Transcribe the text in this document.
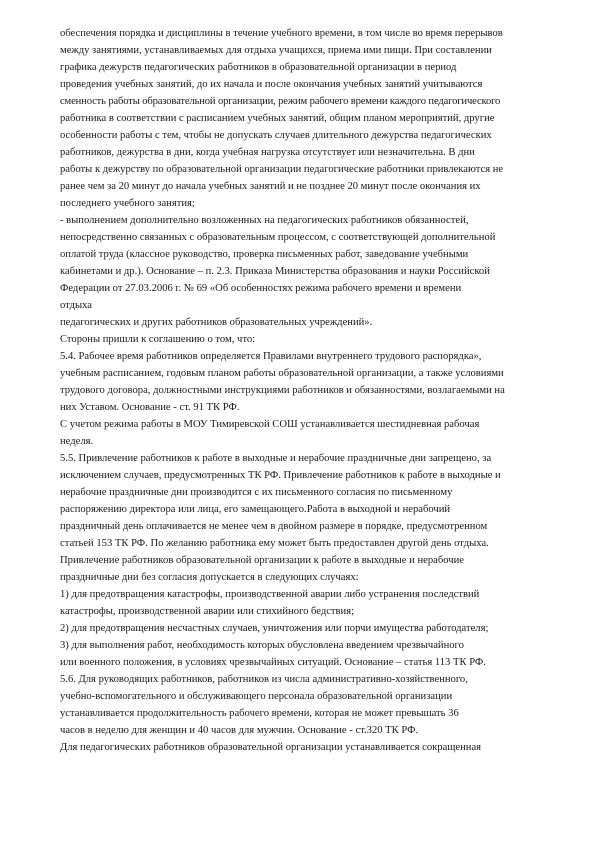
обеспечения порядка и дисциплины в течение учебного времени, в том числе во время перерывов

между занятиями, устанавливаемых для отдыха учащихся, приема ими пищи. При составлении

графика дежурств педагогических работников в образовательной организации в период

проведения учебных занятий, до их начала и после окончания учебных занятий учитываются

сменность работы образовательной организации, режим рабочего времени каждого педагогического

работника в соответствии с расписанием учебных занятий, общим планом мероприятий, другие

особенности работы с тем, чтобы не допускать случаев длительного дежурства педагогических

работников, дежурства в дни, когда учебная нагрузка отсутствует или незначительна. В дни

работы к дежурству по образовательной организации педагогические работники привлекаются не

ранее чем за 20 минут до начала учебных занятий и не позднее 20 минут после окончания их

последнего учебного занятия;

- выполнением дополнительно возложенных на педагогических работников обязанностей,

непосредственно связанных с образовательным процессом, с соответствующей дополнительной

оплатой труда (классное руководство, проверка письменных работ, заведование учебными

кабинетами и др.). Основание – п. 2.3. Приказа Министерства образования и науки Российской

Федерации от 27.03.2006 г. № 69 «Об особенностях режима рабочего времени и времени

отдыха

педагогических и других работников образовательных учреждений».

Стороны пришли к соглашению о том, что:

5.4. Рабочее время работников определяется Правилами внутреннего трудового распорядка»,

учебным расписанием, годовым планом работы образовательной организации, а также условиями

трудового договора, должностными инструкциями работников и обязанностями, возлагаемыми на

них Уставом. Основание - ст. 91 ТК РФ.

С учетом режима работы в МОУ Тимиревской СОШ устанавливается шестидневная рабочая

неделя.

5.5. Привлечение работников к работе в выходные и нерабочие праздничные дни запрещено, за

исключением случаев, предусмотренных ТК РФ. Привлечение работников к работе в выходные и

нерабочие праздничные дни производится с их письменного согласия по письменному

распоряжению директора или лица, его замещающего.Работа в выходной и нерабочий

праздничный день оплачивается не менее чем в двойном размере в порядке, предусмотренном

статьей 153 ТК РФ. По желанию работника ему может быть предоставлен другой день отдыха.

Привлечение работников образовательной организации к работе в выходные и нерабочие

праздничные дни без согласия допускается в следующих случаях:

1) для предотвращения катастрофы, производственной аварии либо устранения последствий

катастрофы, производственной аварии или стихийного бедствия;

2) для предотвращения несчастных случаев, уничтожения или порчи имущества работодателя;

3) для выполнения работ, необходимость которых обусловлена введением чрезвычайного

или военного положения, в условиях чрезвычайных ситуаций. Основание – статья 113 ТК РФ.

5.6. Для руководящих работников, работников из числа административно-хозяйственного,

учебно-вспомогательного и обслуживающего персонала образовательной организации

устанавливается продолжительность рабочего времени, которая не может превышать 36

часов в неделю для женщин и 40 часов для мужчин. Основание - ст.320 ТК РФ.

Для педагогических работников образовательной организации устанавливается сокращенная
